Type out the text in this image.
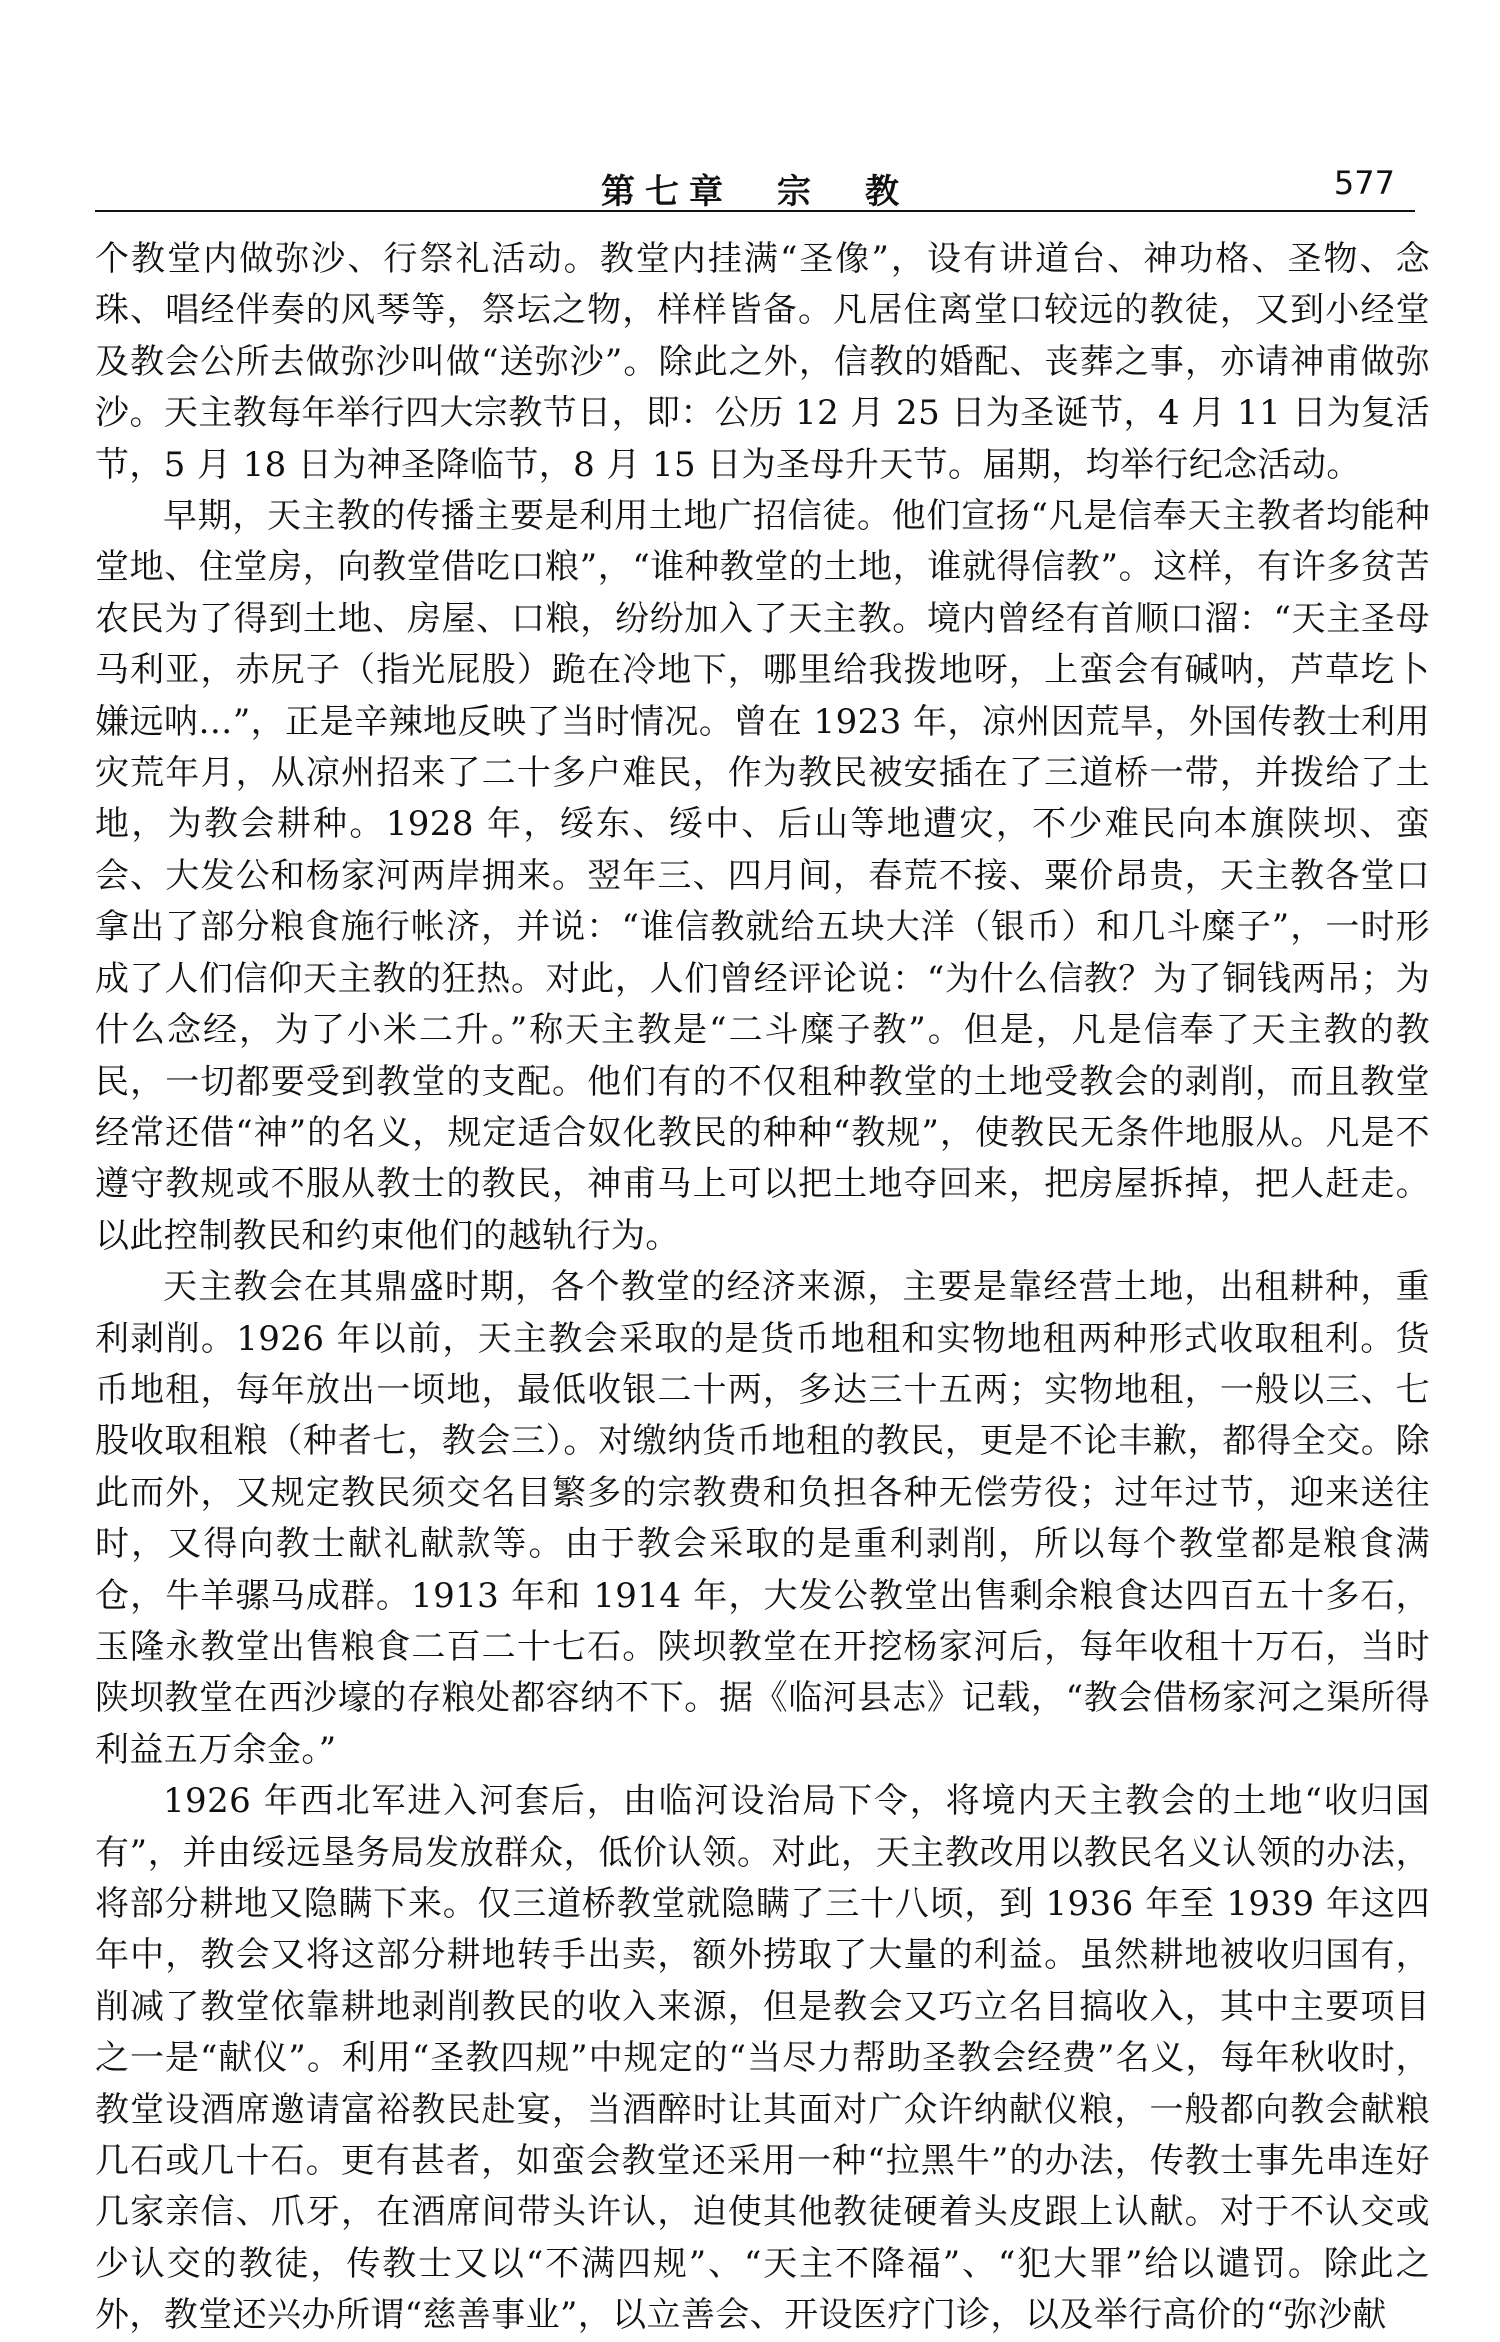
第七章　宗　教	577

个教堂内做弥沙、行祭礼活动。教堂内挂满“圣像”，设有讲道台、神功格、圣物、念珠、唱经伴奏的风琴等，祭坛之物，样样皆备。凡居住离堂口较远的教徒，又到小经堂及教会公所去做弥沙叫做“送弥沙”。除此之外，信教的婚配、丧葬之事，亦请神甫做弥沙。天主教每年举行四大宗教节日，即：公历 12 月 25 日为圣诞节，4 月 11 日为复活节，5 月 18 日为神圣降临节，8 月 15 日为圣母升天节。届期，均举行纪念活动。

早期，天主教的传播主要是利用土地广招信徒。他们宣扬“凡是信奉天主教者均能种堂地、住堂房，向教堂借吃口粮”，“谁种教堂的土地，谁就得信教”。这样，有许多贫苦农民为了得到土地、房屋、口粮，纷纷加入了天主教。境内曾经有首顺口溜：“天主圣母马利亚，赤尻子（指光屁股）跪在冷地下，哪里给我拨地呀，上蛮会有碱呐，芦草圪卜嫌远呐…”，正是辛辣地反映了当时情况。曾在 1923 年，凉州因荒旱，外国传教士利用灾荒年月，从凉州招来了二十多户难民，作为教民被安插在了三道桥一带，并拨给了土地，为教会耕种。1928 年，绥东、绥中、后山等地遭灾，不少难民向本旗陕坝、蛮会、大发公和杨家河两岸拥来。翌年三、四月间，春荒不接、粟价昂贵，天主教各堂口拿出了部分粮食施行帐济，并说：“谁信教就给五块大洋（银币）和几斗糜子”，一时形成了人们信仰天主教的狂热。对此，人们曾经评论说：“为什么信教？为了铜钱两吊；为什么念经，为了小米二升。”称天主教是“二斗糜子教”。但是，凡是信奉了天主教的教民，一切都要受到教堂的支配。他们有的不仅租种教堂的土地受教会的剥削，而且教堂经常还借“神”的名义，规定适合奴化教民的种种“教规”，使教民无条件地服从。凡是不遵守教规或不服从教士的教民，神甫马上可以把土地夺回来，把房屋拆掉，把人赶走。以此控制教民和约束他们的越轨行为。

天主教会在其鼎盛时期，各个教堂的经济来源，主要是靠经营土地，出租耕种，重利剥削。1926 年以前，天主教会采取的是货币地租和实物地租两种形式收取租利。货币地租，每年放出一顷地，最低收银二十两，多达三十五两；实物地租，一般以三、七股收取租粮（种者七，教会三）。对缴纳货币地租的教民，更是不论丰歉，都得全交。除此而外，又规定教民须交名目繁多的宗教费和负担各种无偿劳役；过年过节，迎来送往时，又得向教士献礼献款等。由于教会采取的是重利剥削，所以每个教堂都是粮食满仓，牛羊骡马成群。1913 年和 1914 年，大发公教堂出售剩余粮食达四百五十多石，玉隆永教堂出售粮食二百二十七石。陕坝教堂在开挖杨家河后，每年收租十万石，当时陕坝教堂在西沙壕的存粮处都容纳不下。据《临河县志》记载，“教会借杨家河之渠所得利益五万余金。”

1926 年西北军进入河套后，由临河设治局下令，将境内天主教会的土地“收归国有”，并由绥远垦务局发放群众，低价认领。对此，天主教改用以教民名义认领的办法，将部分耕地又隐瞒下来。仅三道桥教堂就隐瞒了三十八顷，到 1936 年至 1939 年这四年中，教会又将这部分耕地转手出卖，额外捞取了大量的利益。虽然耕地被收归国有，削减了教堂依靠耕地剥削教民的收入来源，但是教会又巧立名目搞收入，其中主要项目之一是“献仪”。利用“圣教四规”中规定的“当尽力帮助圣教会经费”名义，每年秋收时，教堂设酒席邀请富裕教民赴宴，当酒醉时让其面对广众许纳献仪粮，一般都向教会献粮几石或几十石。更有甚者，如蛮会教堂还采用一种“拉黑牛”的办法，传教士事先串连好几家亲信、爪牙，在酒席间带头许认，迫使其他教徒硬着头皮跟上认献。对于不认交或少认交的教徒，传教士又以“不满四规”、“天主不降福”、“犯大罪”给以谴罚。除此之外，教堂还兴办所谓“慈善事业”，以立善会、开设医疗门诊，以及举行高价的“弥沙献
